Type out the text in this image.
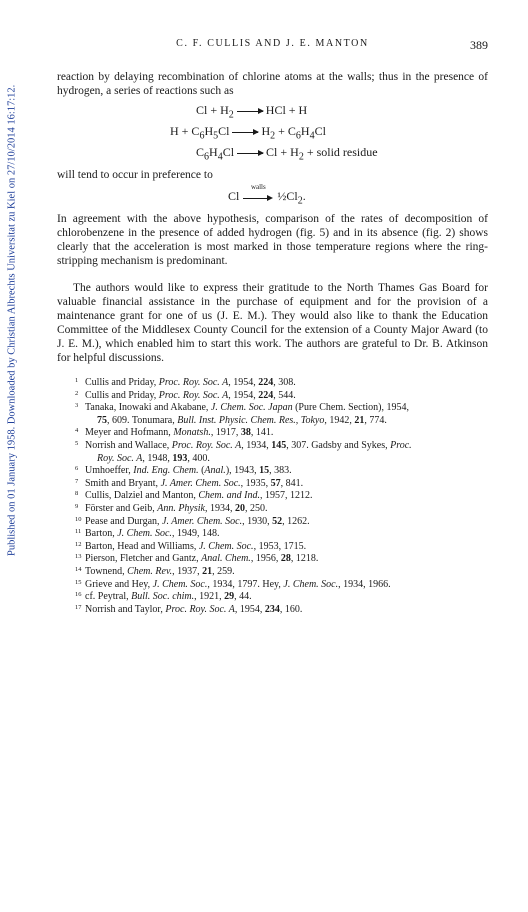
Published on 01 January 1958. Downloaded by Christian Albrechts Universitat zu Kiel on 27/10/2014 16:17:12.
C. F. CULLIS AND J. E. MANTON	389

reaction by delaying recombination of chlorine atoms at the walls; thus in the presence of hydrogen, a series of reactions such as

$Cl + H_2$ → HCl + H
$H + C_6H_5Cl \to H_2 + C_6H_4Cl$
$C_6H_4Cl \to Cl + H_2$ + solid residue

will tend to occur in preference to

Cl
walls
$\frac{1}{2}Cl_2$.

In agreement with the above hypothesis, comparison of the rates of decomposition of chlorobenzene in the presence of added hydrogen (fig. 5) and in its absence (fig. 2) shows clearly that the acceleration is most marked in those temperature regions where the ring-stripping mechanism is predominant.

The authors would like to express their gratitude to the North Thames Gas Board for valuable financial assistance in the purchase of equipment and for the provision of a maintenance grant for one of us (J. E. M.). They would also like to thank the Education Committee of the Middlesex County Council for the extension of a County Major Award (to J. E. M.), which enabled him to start this work. The authors are grateful to Dr. B. Atkinson for helpful discussions.

1 Cullis and Priday, Proc. Roy. Soc. A, 1954, 224, 308.

2 Cullis and Priday, Proc. Roy. Soc. A, 1954, 224, 544.

3 Tanaka, Inowaki and Akabane, J. Chem. Soc. Japan (Pure Chem. Section), 1954,

75, 609. Tonumara, Bull. Inst. Physic. Chem. Res., Tokyo, 1942, 21, 774.

4 Meyer and Hofmann, Monatsh., 1917, 38, 141.

5 Norrish and Wallace, Proc. Roy. Soc. A, 1934, 145, 307. Gadsby and Sykes, Proc.

Roy. Soc. A, 1948, 193, 400.

6 Umhoeffer, Ind. Eng. Chem. (Anal.), 1943, 15, 383.

7 Smith and Bryant, J. Amer. Chem. Soc., 1935, 57, 841.

8 Cullis, Dalziel and Manton, Chem. and Ind., 1957, 1212.

9 Förster and Geib, Ann. Physik, 1934, 20, 250.

10 Pease and Durgan, J. Amer. Chem. Soc., 1930, 52, 1262.

11 Barton, J. Chem. Soc., 1949, 148.

12 Barton, Head and Williams, J. Chem. Soc., 1953, 1715.

13 Pierson, Fletcher and Gantz, Anal. Chem., 1956, 28, 1218.

14 Townend, Chem. Rev., 1937, 21, 259.

15 Grieve and Hey, J. Chem. Soc., 1934, 1797. Hey, J. Chem. Soc., 1934, 1966.

16 cf. Peytral, Bull. Soc. chim., 1921, 29, 44.

17 Norrish and Taylor, Proc. Roy. Soc. A, 1954, 234, 160.
